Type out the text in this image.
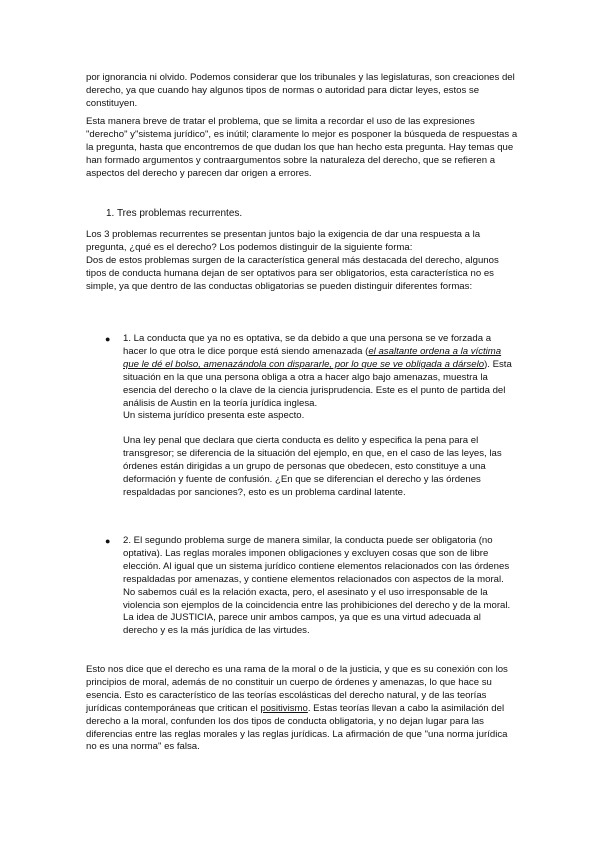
por ignorancia ni olvido. Podemos considerar que los tribunales y las legislaturas, son creaciones del derecho, ya que cuando hay algunos tipos de normas o autoridad para dictar leyes, estos se constituyen.

Esta manera breve de tratar el problema, que se limita a recordar el uso de las expresiones "derecho" y"sistema jurídico", es inútil; claramente lo mejor es posponer la búsqueda de respuestas a la pregunta, hasta que encontremos de que dudan los que han hecho esta pregunta. Hay temas que han formado argumentos y contraargumentos sobre la naturaleza del derecho, que se refieren a aspectos del derecho y parecen dar origen a errores.

1. Tres problemas recurrentes.

Los 3 problemas recurrentes se presentan juntos bajo la exigencia de dar una respuesta a la pregunta, ¿qué es el derecho? Los podemos distinguir de la siguiente forma:

Dos de estos problemas surgen de la característica general más destacada del derecho, algunos tipos de conducta humana dejan de ser optativos para ser obligatorios, esta característica no es simple, ya que dentro de las conductas obligatorias se pueden distinguir diferentes formas:

● 1. La conducta que ya no es optativa, se da debido a que una persona se ve forzada a hacer lo que otra le dice porque está siendo amenazada (el asaltante ordena a la víctima que le dé el bolso, amenazándola con dispararle, por lo que se ve obligada a dárselo). Esta situación en la que una persona obliga a otra a hacer algo bajo amenazas, muestra la esencia del derecho o la clave de la ciencia jurisprudencia. Este es el punto de partida del análisis de Austin en la teoría jurídica inglesa.

Un sistema jurídico presenta este aspecto.

Una ley penal que declara que cierta conducta es delito y especifica la pena para el transgresor; se diferencia de la situación del ejemplo, en que, en el caso de las leyes, las órdenes están dirigidas a un grupo de personas que obedecen, esto constituye a una deformación y fuente de confusión. ¿En que se diferencian el derecho y las órdenes respaldadas por sanciones?, esto es un problema cardinal latente.

● 2. El segundo problema surge de manera similar, la conducta puede ser obligatoria (no optativa). Las reglas morales imponen obligaciones y excluyen cosas que son de libre elección. Al igual que un sistema jurídico contiene elementos relacionados con las órdenes respaldadas por amenazas, y contiene elementos relacionados con aspectos de la moral. No sabemos cuál es la relación exacta, pero, el asesinato y el uso irresponsable de la violencia son ejemplos de la coincidencia entre las prohibiciones del derecho y de la moral. La idea de JUSTICIA, parece unir ambos campos, ya que es una virtud adecuada al derecho y es la más jurídica de las virtudes.

Esto nos dice que el derecho es una rama de la moral o de la justicia, y que es su conexión con los principios de moral, además de no constituir un cuerpo de órdenes y amenazas, lo que hace su esencia. Esto es característico de las teorías escolásticas del derecho natural, y de las teorías jurídicas contemporáneas que critican el positivismo. Estas teorías llevan a cabo la asimilación del derecho a la moral, confunden los dos tipos de conducta obligatoria, y no dejan lugar para las diferencias entre las reglas morales y las reglas jurídicas. La afirmación de que "una norma jurídica no es una norma" es falsa.
